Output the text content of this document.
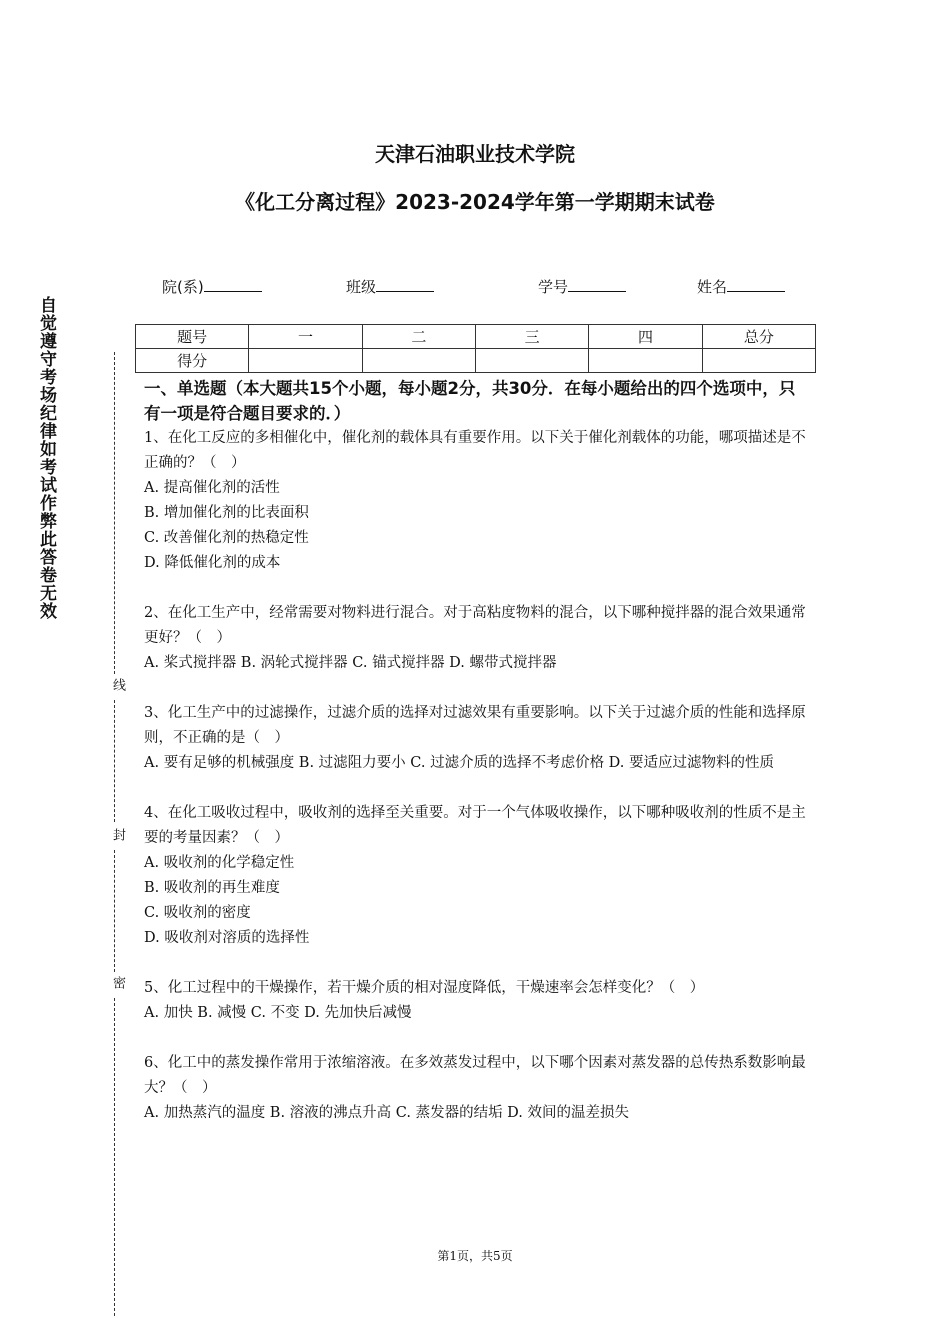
天津石油职业技术学院
《化工分离过程》2023-2024学年第一学期期末试卷
院(系)	班级	学号	姓名
题号	一	二	三	四	总分
得分					
自觉遵守考场纪律如考试作弊此答卷无效
线
封
密
一、单选题（本大题共15个小题，每小题2分，共30分．在每小题给出的四个选项中，只有一项是符合题目要求的．）
1、在化工反应的多相催化中，催化剂的载体具有重要作用。以下关于催化剂载体的功能，哪项描述是不正确的？（　）
A. 提高催化剂的活性
B. 增加催化剂的比表面积
C. 改善催化剂的热稳定性
D. 降低催化剂的成本
2、在化工生产中，经常需要对物料进行混合。对于高粘度物料的混合，以下哪种搅拌器的混合效果通常更好？（　）
A. 桨式搅拌器 B. 涡轮式搅拌器 C. 锚式搅拌器 D. 螺带式搅拌器
3、化工生产中的过滤操作，过滤介质的选择对过滤效果有重要影响。以下关于过滤介质的性能和选择原则，不正确的是（　）
A. 要有足够的机械强度 B. 过滤阻力要小 C. 过滤介质的选择不考虑价格 D. 要适应过滤物料的性质
4、在化工吸收过程中，吸收剂的选择至关重要。对于一个气体吸收操作，以下哪种吸收剂的性质不是主要的考量因素？（　）
A. 吸收剂的化学稳定性
B. 吸收剂的再生难度
C. 吸收剂的密度
D. 吸收剂对溶质的选择性
5、化工过程中的干燥操作，若干燥介质的相对湿度降低，干燥速率会怎样变化？（　）
A. 加快 B. 减慢 C. 不变 D. 先加快后减慢
6、化工中的蒸发操作常用于浓缩溶液。在多效蒸发过程中，以下哪个因素对蒸发器的总传热系数影响最大？（　）
A. 加热蒸汽的温度 B. 溶液的沸点升高 C. 蒸发器的结垢 D. 效间的温差损失
第1页，共5页
